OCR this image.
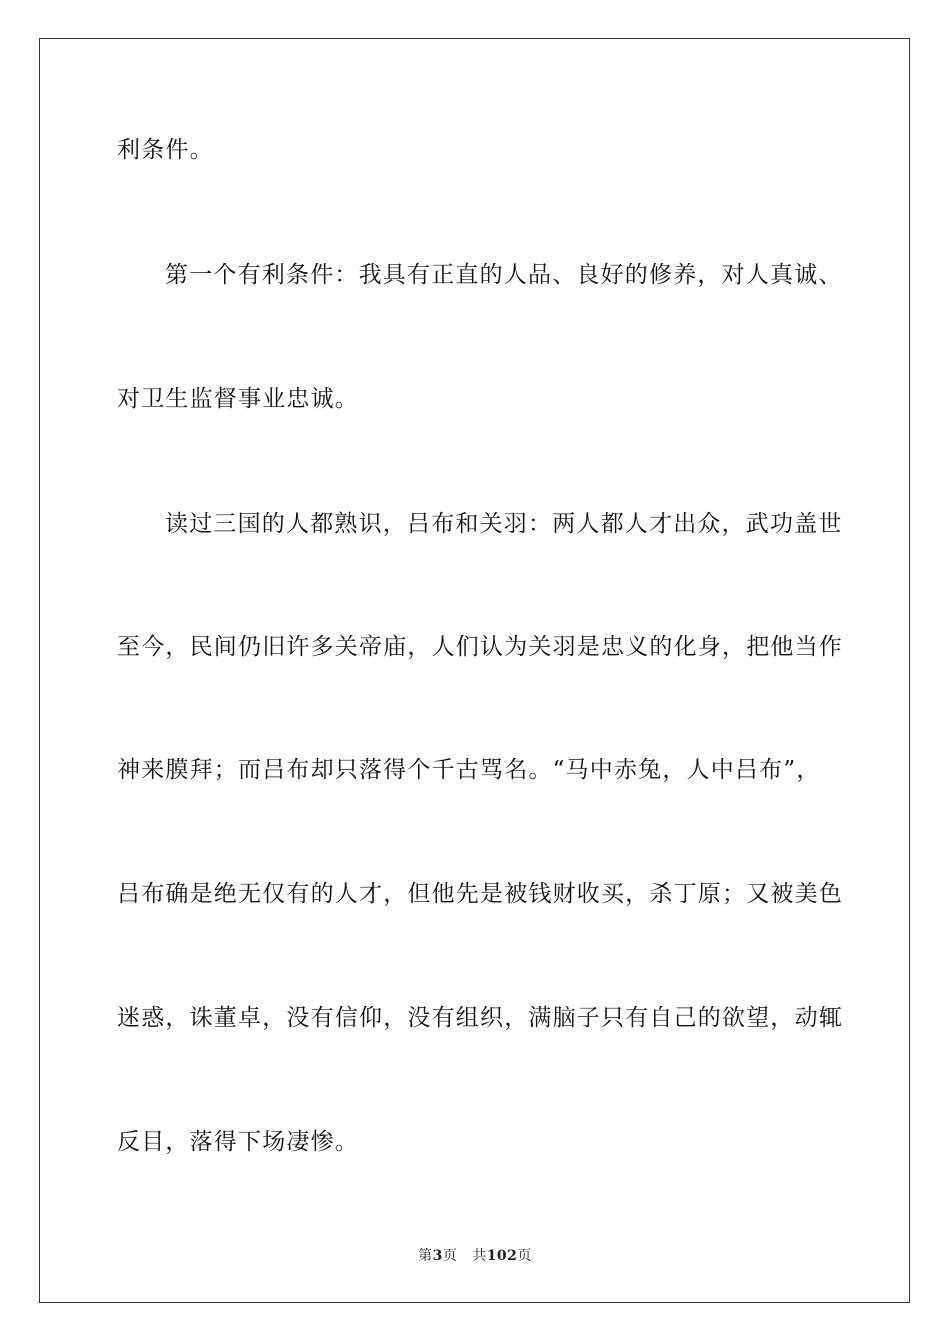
利条件。

第一个有利条件：我具有正直的人品、良好的修养，对人真诚、

对卫生监督事业忠诚。

读过三国的人都熟识，吕布和关羽：两人都人才出众，武功盖世

至今，民间仍旧许多关帝庙，人们认为关羽是忠义的化身，把他当作

神来膜拜；而吕布却只落得个千古骂名。“马中赤兔，人中吕布”，

吕布确是绝无仅有的人才，但他先是被钱财收买，杀丁原；又被美色

迷惑，诛董卓，没有信仰，没有组织，满脑子只有自己的欲望，动辄

反目，落得下场凄惨。

第3页 共102页
